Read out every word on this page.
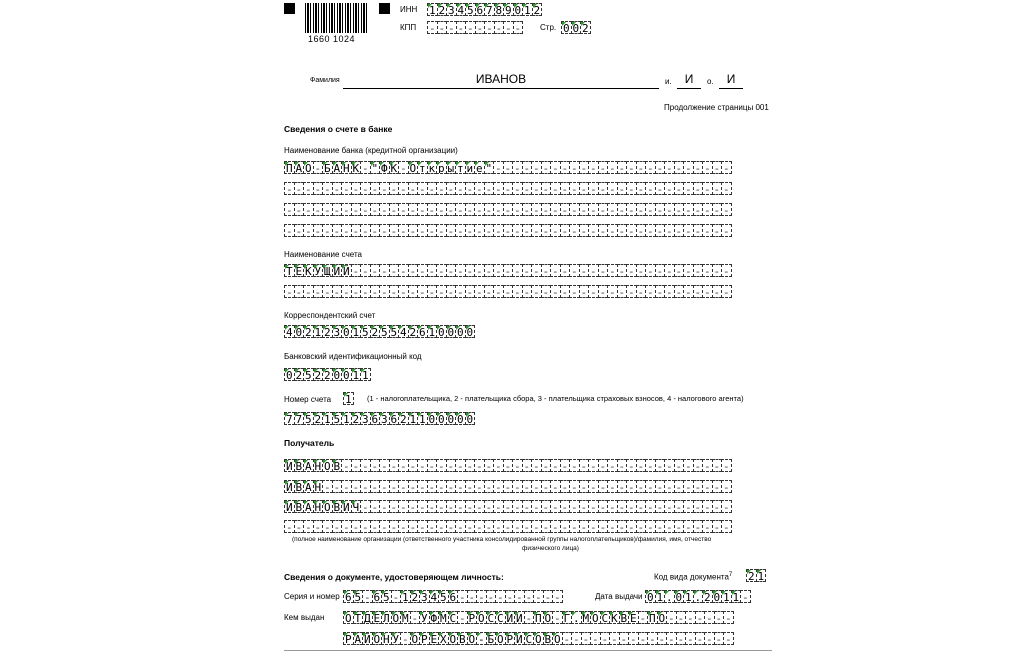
1660 1024
ИНН 1 2 3 4 5 6 7 8 9 0 1 2
КПП - - - - - - - - - - Стр. 0 0 2
Фамилия	ИВАНОВ	и.	И	о.	И
Продолжение страницы 001
Сведения о счете в банке
Наименование банка (кредитной организации)
П А О - Б А Н К - " Ф К - О т к р ы т и е " - - - - - - - - - - - - - - - - - - - - - - - - -
- - - - - - - - - - - - - - - - - - - - - - - - - - - - - - - - - - - - - - - - - - - - - - -
- - - - - - - - - - - - - - - - - - - - - - - - - - - - - - - - - - - - - - - - - - - - - - -
- - - - - - - - - - - - - - - - - - - - - - - - - - - - - - - - - - - - - - - - - - - - - - -
Наименование счета
Т Е К У Щ И Й - - - - - - - - - - - - - - - - - - - - - - - - - - - - - - - - - - - - - - - -
- - - - - - - - - - - - - - - - - - - - - - - - - - - - - - - - - - - - - - - - - - - - - - -
Корреспондентский счет
4 0 2 1 2 3 0 1 5 2 5 5 4 2 6 1 0 0 0 0
Банковский идентификационный код
0 2 5 2 2 0 0 1 1
Номер счета 1 (1 - налогоплательщика, 2 - плательщика сбора, 3 - плательщика страховых взносов, 4 - налогового агента)
7 7 5 2 1 5 1 2 3 6 3 6 2 1 1 0 0 0 0 0
Получатель
И В А Н О В - - - - - - - - - - - - - - - - - - - - - - - - - - - - - - - - - - - - - - - - -
И В А Н - - - - - - - - - - - - - - - - - - - - - - - - - - - - - - - - - - - - - - - - - - -
И В А Н О В И Ч - - - - - - - - - - - - - - - - - - - - - - - - - - - - - - - - - - - - - - -
- - - - - - - - - - - - - - - - - - - - - - - - - - - - - - - - - - - - - - - - - - - - - - -
(полное наименование организации (ответственного участника консолидированной группы налогоплательщиков)/фамилия, имя, отчество
физического лица)
Сведения о документе, удостоверяющем личность:	Код вида документа$^7$ 2 1
Серия и номер 6 5 - 6 5 - 1 2 3 4 5 6 - - - - - - - - - - -	Дата выдачи 0 1 . 0 1 . 2 0 1 1 -
Кем выдан О Т Д Е Л О М - У Ф М С - Р О С С И И - П О - Г . М О С К В Е - П О - - - - - - -
Р А Й О Н У - О Р Е Х О В О - Б О Р И С О В О - - - - - - - - - - - - - - - - - -
